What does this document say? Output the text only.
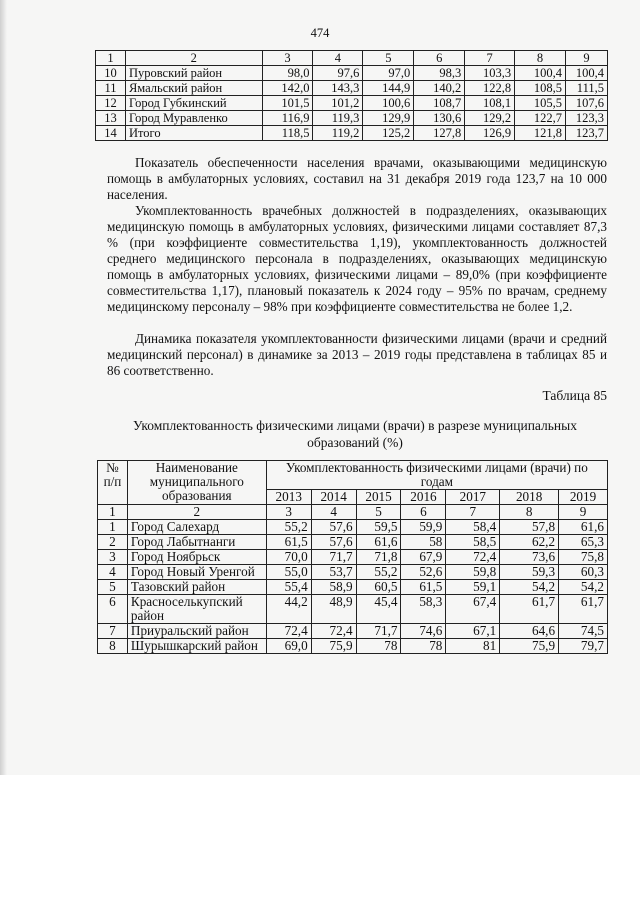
474
1	2	3	4	5	6	7	8	9
10	Пуровский район	98,0	97,6	97,0	98,3	103,3	100,4	100,4
11	Ямальский район	142,0	143,3	144,9	140,2	122,8	108,5	111,5
12	Город Губкинский	101,5	101,2	100,6	108,7	108,1	105,5	107,6
13	Город Муравленко	116,9	119,3	129,9	130,6	129,2	122,7	123,3
14	Итого	118,5	119,2	125,2	127,8	126,9	121,8	123,7
Показатель обеспеченности населения врачами, оказывающими медицинскую помощь в амбулаторных условиях, составил на 31 декабря 2019 года 123,7 на 10 000 населения.
Укомплектованность врачебных должностей в подразделениях, оказывающих медицинскую помощь в амбулаторных условиях, физическими лицами составляет 87,3 % (при коэффициенте совместительства 1,19), укомплектованность должностей среднего медицинского персонала в подразделениях, оказывающих медицинскую помощь в амбулаторных условиях, физическими лицами – 89,0% (при коэффициенте совместительства 1,17), плановый показатель к 2024 году – 95% по врачам, среднему медицинскому персоналу – 98% при коэффициенте совместительства не более 1,2.
Динамика показателя укомплектованности физическими лицами (врачи и средний медицинский персонал) в динамике за 2013 – 2019 годы представлена в таблицах 85 и 86 соответственно.
Таблица 85
Укомплектованность физическими лицами (врачи) в разрезе муниципальных образований (%)
№ п/п	Наименование муниципального образования	Укомплектованность физическими лицами (врачи) по годам						
		2013	2014	2015	2016	2017	2018	2019
1	2	3	4	5	6	7	8	9
1	Город Салехард	55,2	57,6	59,5	59,9	58,4	57,8	61,6
2	Город Лабытнанги	61,5	57,6	61,6	58	58,5	62,2	65,3
3	Город Ноябрьск	70,0	71,7	71,8	67,9	72,4	73,6	75,8
4	Город Новый Уренгой	55,0	53,7	55,2	52,6	59,8	59,3	60,3
5	Тазовский район	55,4	58,9	60,5	61,5	59,1	54,2	54,2
6	Красноселькупский район	44,2	48,9	45,4	58,3	67,4	61,7	61,7
7	Приуральский район	72,4	72,4	71,7	74,6	67,1	64,6	74,5
8	Шурышкарский район	69,0	75,9	78	78	81	75,9	79,7
